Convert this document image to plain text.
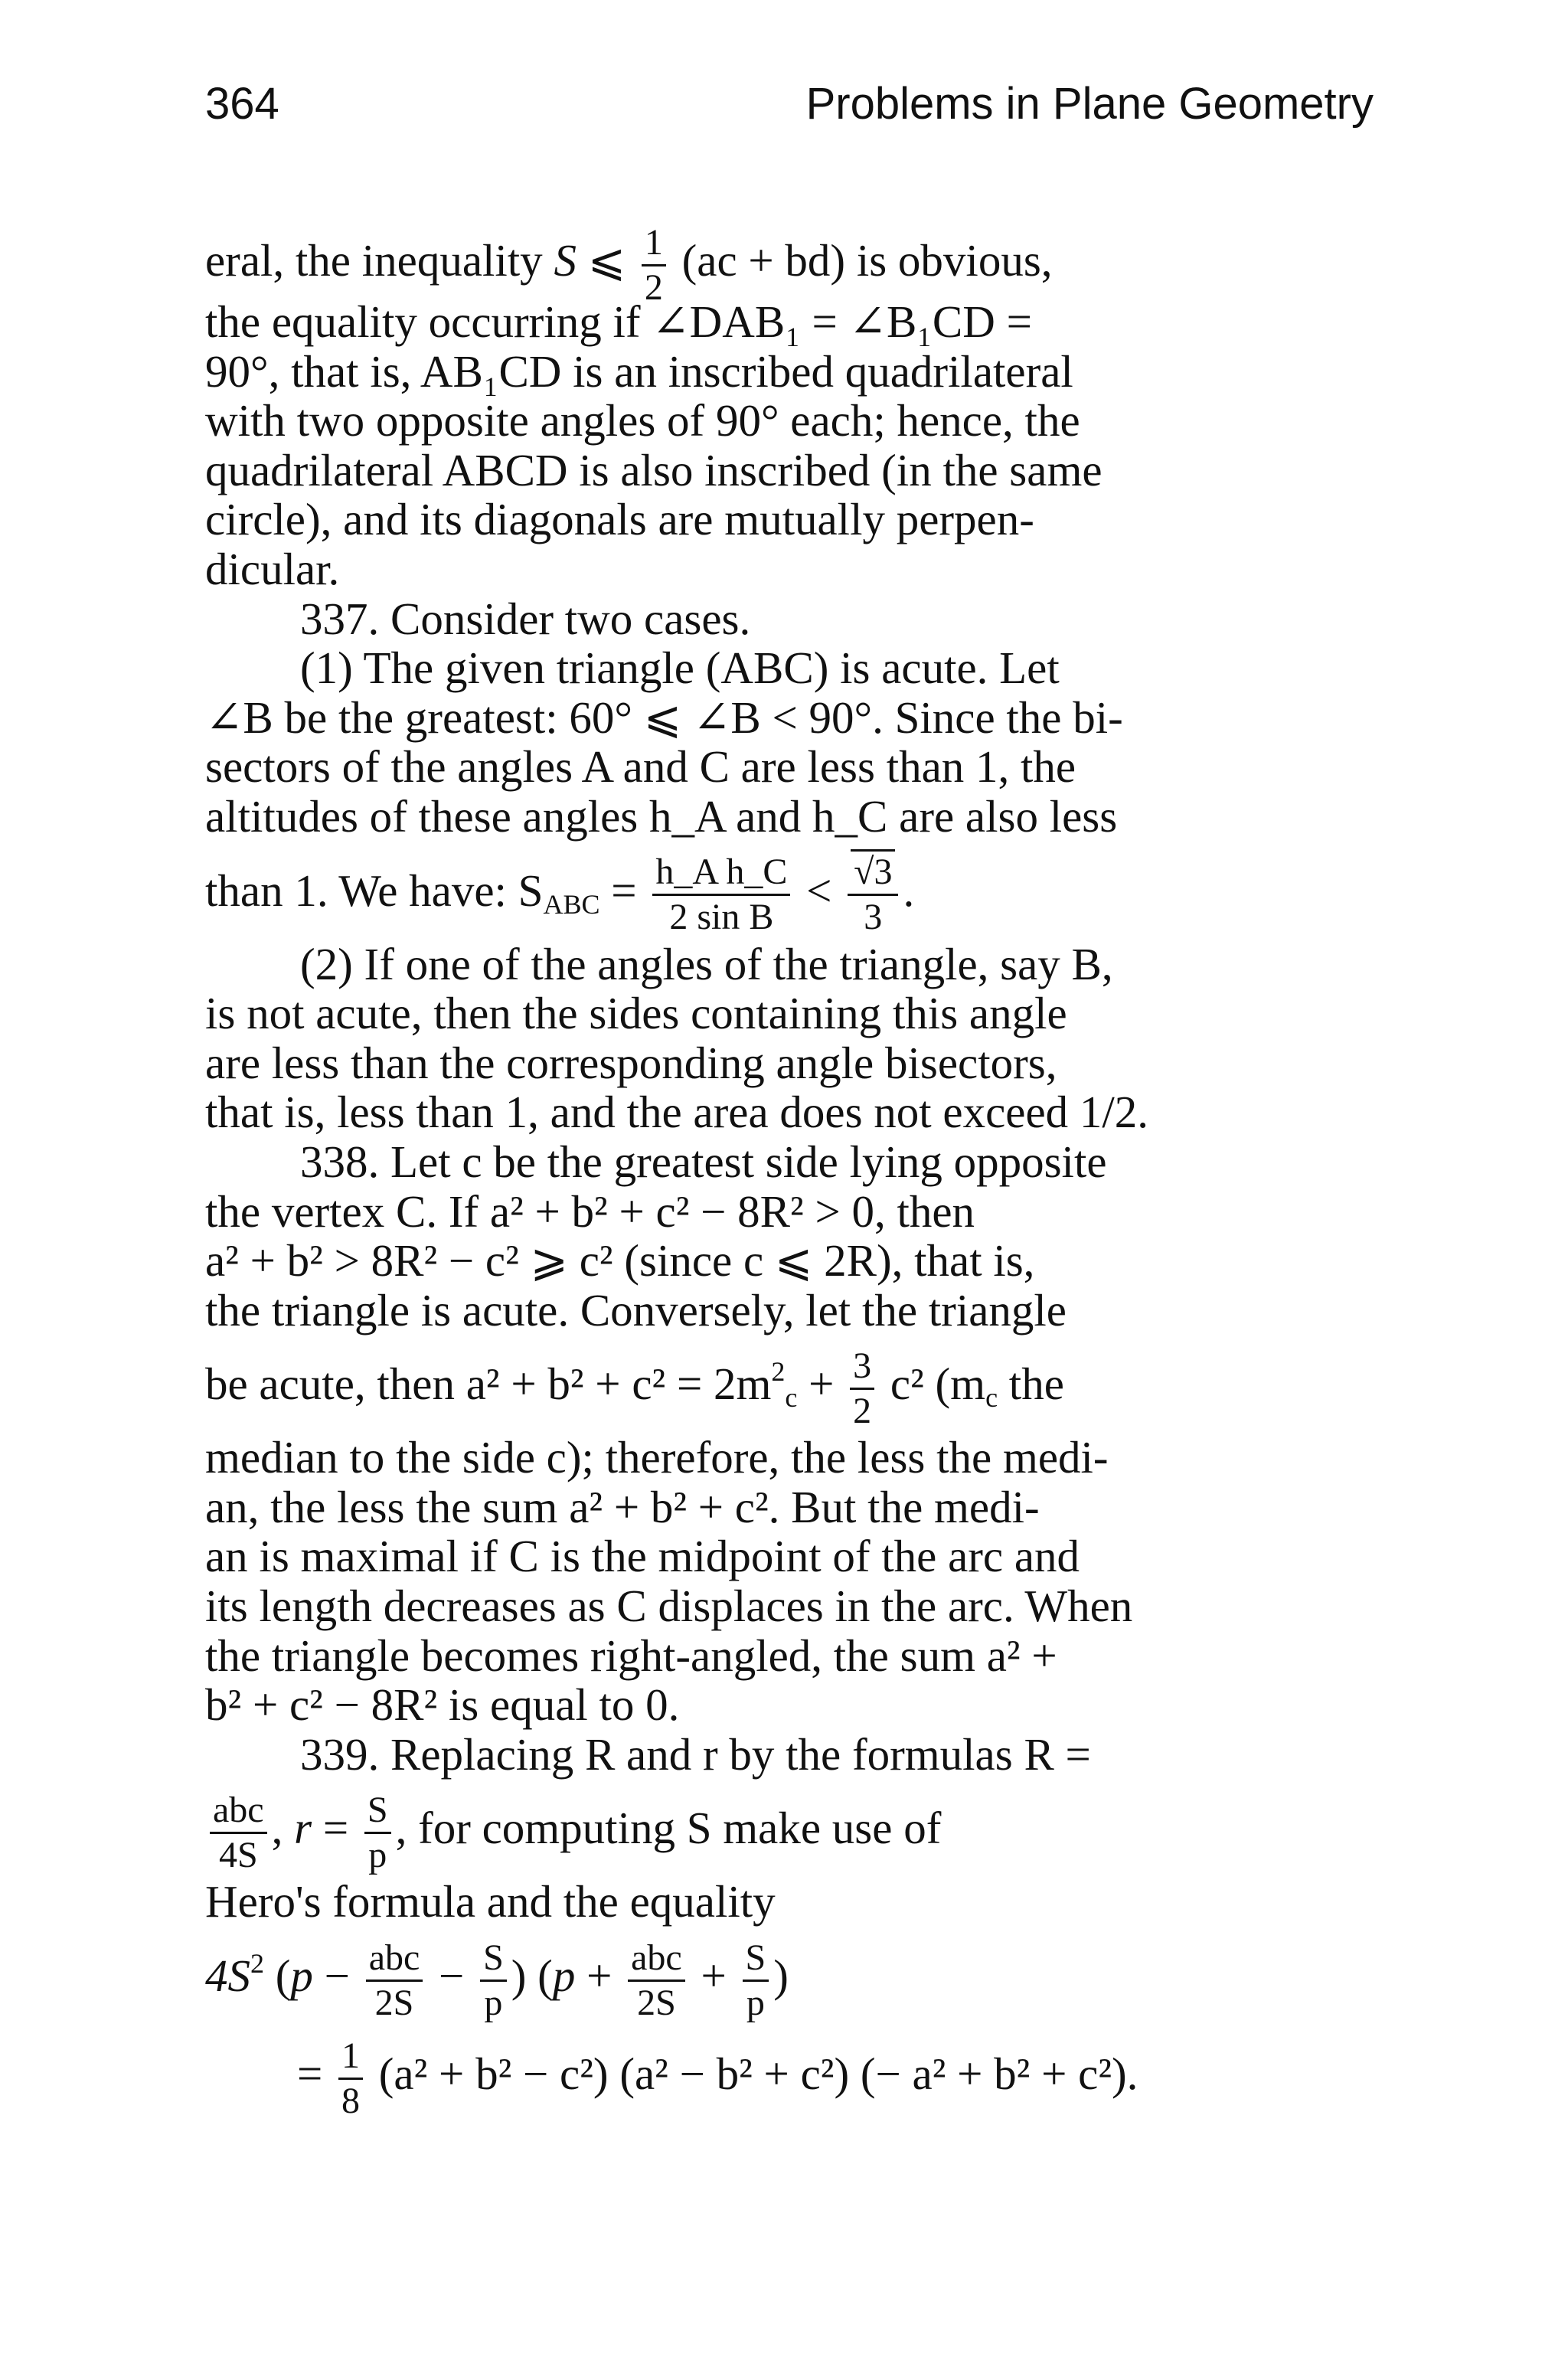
364	Problems in Plane Geometry
eral, the inequality S ⩽ $\frac{1}{2} (ac + bd)$ is obvious,
the equality occurring if ∠DAB₁ = ∠B₁CD =
90°, that is, AB₁CD is an inscribed quadrilateral
with two opposite angles of 90° each; hence, the
quadrilateral ABCD is also inscribed (in the same
circle), and its diagonals are mutually perpen-
dicular.
337. Consider two cases.
(1) The given triangle (ABC) is acute. Let
∠B be the greatest: 60° ⩽ ∠B < 90°. Since the bi-
sectors of the angles A and C are less than 1, the
altitudes of these angles h_A and h_C are also less
than 1. We have: $S_{ABC} = \frac{\text{h\_A h\_C}}{\text{2 sin B}} < \frac{√3}{3}$ .
(2) If one of the angles of the triangle, say B,
is not acute, then the sides containing this angle
are less than the corresponding angle bisectors,
that is, less than 1, and the area does not exceed 1/2.
338. Let c be the greatest side lying opposite
the vertex C. If a² + b² + c² − 8R² > 0, then
a² + b² > 8R² − c² ⩾ c² (since c ⩽ 2R), that is,
the triangle is acute. Conversely, let the triangle
be acute, then $a^2 + b^2 + c^2 = 2m^2_c + \frac{3}{2} c^2$ ($m_c$ the
median to the side c); therefore, the less the medi-
an, the less the sum a² + b² + c². But the medi-
an is maximal if C is the midpoint of the arc and
its length decreases as C displaces in the arc. When
the triangle becomes right-angled, the sum a² +
b² + c² − 8R² is equal to 0.
339. Replacing R and r by the formulas R =
$\frac{\text{abc}}{4S}$ , $r = \frac{S}{p}$ , for computing S make use of
Hero's formula and the equality
$4S^2$ ($p - \frac{\text{abc}}{2S} - \frac{S}{p}$ ) ($p + \frac{\text{abc}}{2S} + \frac{S}{p}$ )
= $\frac{1}{8} (a^2 + b^2 - c^2) (a^2 - b^2 + c^2)$ (− a² + b² + c²).
